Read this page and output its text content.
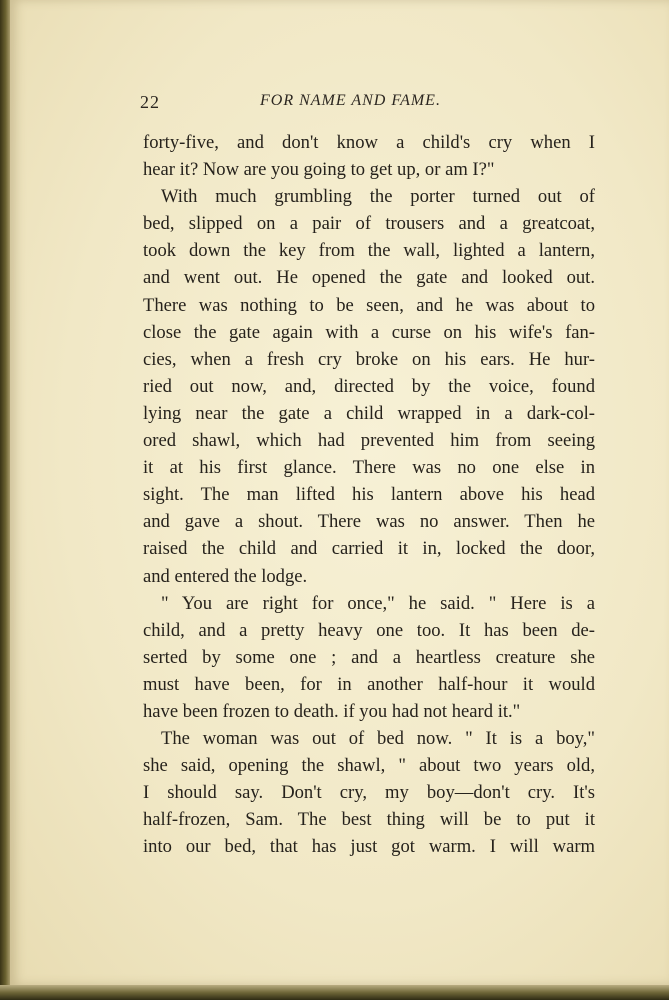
22	FOR NAME AND FAME.
forty-five, and don't know a child's cry when I
hear it? Now are you going to get up, or am I?"
With much grumbling the porter turned out of
bed, slipped on a pair of trousers and a greatcoat,
took down the key from the wall, lighted a lantern,
and went out. He opened the gate and looked out.
There was nothing to be seen, and he was about to
close the gate again with a curse on his wife's fan-
cies, when a fresh cry broke on his ears. He hur-
ried out now, and, directed by the voice, found
lying near the gate a child wrapped in a dark-col-
ored shawl, which had prevented him from seeing
it at his first glance. There was no one else in
sight. The man lifted his lantern above his head
and gave a shout. There was no answer. Then he
raised the child and carried it in, locked the door,
and entered the lodge.
" You are right for once," he said. " Here is a
child, and a pretty heavy one too. It has been de-
serted by some one ; and a heartless creature she
must have been, for in another half-hour it would
have been frozen to death. if you had not heard it."
The woman was out of bed now. " It is a boy,"
she said, opening the shawl, " about two years old,
I should say. Don't cry, my boy—don't cry. It's
half-frozen, Sam. The best thing will be to put it
into our bed, that has just got warm. I will warm
